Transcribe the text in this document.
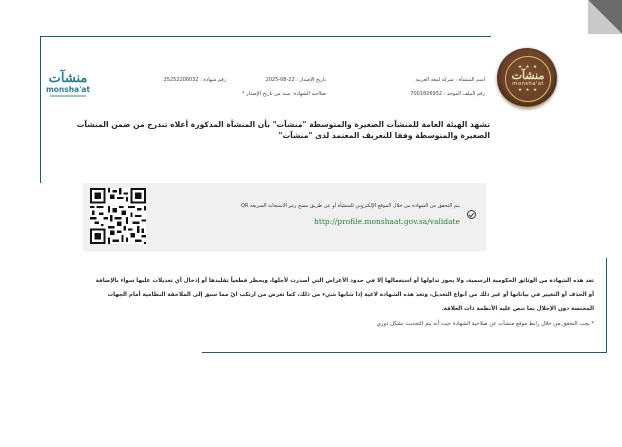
★ ★ ★
منشآت
monsha'at
★ ★ ★
اسم المنشأة : شركة لمعة العربية
تاريخ الإصدار : 22-08-2025
رقم شهادة : 25252206032
رقم الملف الموحد : 7001826952
صلاحية الشهادة: سنة من تاريخ الإصدار *
منشآت
monsha'at
تشهد الهيئة العامة للمنشآت الصغيرة والمتوسطة "منشآت" بأن المنشأة المذكورة أعلاه تندرج من ضمن المنشآت الصغيرة والمتوسطة وفقا للتعريف المعتمد لدى "منشآت"
يتم التحقق من الشهادة من خلال الموقع الإلكتروني للمنشأة أو عن طريق مسح رمز الاستجابة السريعة QR
http://profile.monshaat.gov.sa/validate
تعد هذه الشهادة من الوثائق الحكومية الرسمية، ولا يجوز تداولها أو استعمالها إلا في حدود الأغراض التي أصدرت لأجلها، ويحظر قطعياً تقليدها أو إدخال أي تعديلات عليها سواء بالإضافة أو الحذف أو التغيير في بياناتها أو غير ذلك من أنواع التعديل، وتعد هذه الشهادة لاغية إذا شابها شيء من ذلك، كما تعرض من ارتكب ايّ مما سبق إلى الملاحقة النظامية أمام الجهات المختصة دون الإخلال بما تنص عليه الأنظمة ذات العلاقة.
* يجب التحقق من خلال رابط موقع منشآت عن صلاحية الشهادة حيث أنه يتم التحديث بشكل دوري
